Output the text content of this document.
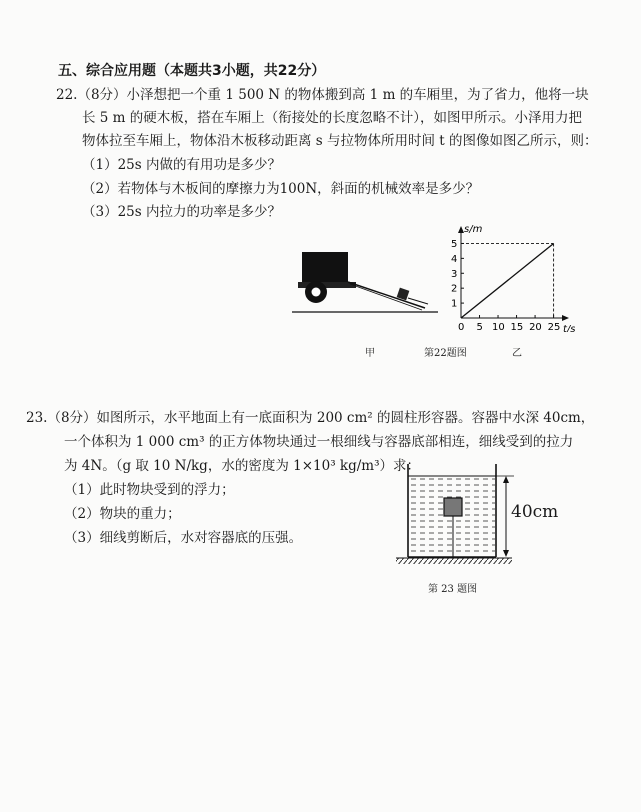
五、综合应用题（本题共3小题，共22分）
22.（8分）小泽想把一个重 1 500 N 的物体搬到高 1 m 的车厢里，为了省力，他将一块
长 5 m 的硬木板，搭在车厢上（衔接处的长度忽略不计），如图甲所示。小泽用力把
物体拉至车厢上，物体沿木板移动距离 s 与拉物体所用时间 t 的图像如图乙所示，则：
（1）25s 内做的有用功是多少？
（2）若物体与木板间的摩擦力为100N，斜面的机械效率是多少？
（3）25s 内拉力的功率是多少？
s/m
t/s
1
2
3
4
5
0 5 10 15 20 25
甲	第22题图	乙
23.（8分）如图所示，水平地面上有一底面积为 200 cm² 的圆柱形容器。容器中水深 40cm，
一个体积为 1 000 cm³ 的正方体物块通过一根细线与容器底部相连，细线受到的拉力
为 4N。（g 取 10 N/kg，水的密度为 1×10³ kg/m³）求：
（1）此时物块受到的浮力；
（2）物块的重力；
（3）细线剪断后，水对容器底的压强。
40cm
第 23 题图
